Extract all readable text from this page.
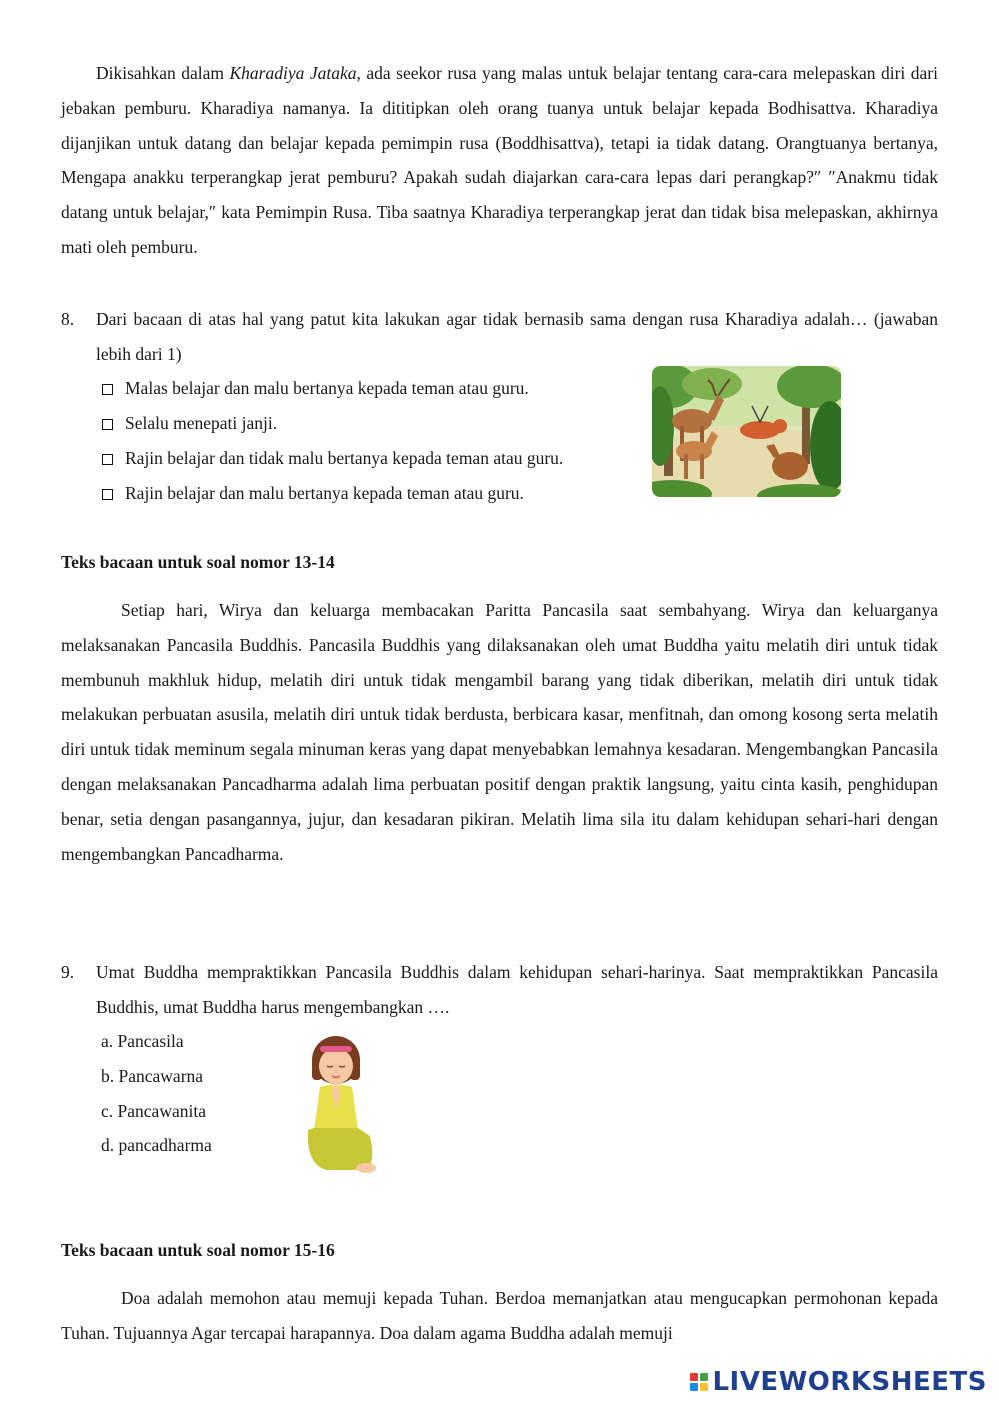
Dikisahkan dalam Kharadiya Jataka, ada seekor rusa yang malas untuk belajar tentang cara-cara melepaskan diri dari jebakan pemburu. Kharadiya namanya. Ia dititipkan oleh orang tuanya untuk belajar kepada Bodhisattva. Kharadiya dijanjikan untuk datang dan belajar kepada pemimpin rusa (Boddhisattva), tetapi ia tidak datang. Orangtuanya bertanya, Mengapa anakku terperangkap jerat pemburu? Apakah sudah diajarkan cara-cara lepas dari perangkap?″ ″Anakmu tidak datang untuk belajar,″ kata Pemimpin Rusa. Tiba saatnya Kharadiya terperangkap jerat dan tidak bisa melepaskan, akhirnya mati oleh pemburu.

8. Dari bacaan di atas hal yang patut kita lakukan agar tidak bernasib sama dengan rusa Kharadiya adalah… (jawaban lebih dari 1)
Malas belajar dan malu bertanya kepada teman atau guru.
Selalu menepati janji.
Rajin belajar dan tidak malu bertanya kepada teman atau guru.
Rajin belajar dan malu bertanya kepada teman atau guru.
Teks bacaan untuk soal nomor 13-14

Setiap hari, Wirya dan keluarga membacakan Paritta Pancasila saat sembahyang. Wirya dan keluarganya melaksanakan Pancasila Buddhis. Pancasila Buddhis yang dilaksanakan oleh umat Buddha yaitu melatih diri untuk tidak membunuh makhluk hidup, melatih diri untuk tidak mengambil barang yang tidak diberikan, melatih diri untuk tidak melakukan perbuatan asusila, melatih diri untuk tidak berdusta, berbicara kasar, menfitnah, dan omong kosong serta melatih diri untuk tidak meminum segala minuman keras yang dapat menyebabkan lemahnya kesadaran. Mengembangkan Pancasila dengan melaksanakan Pancadharma adalah lima perbuatan positif dengan praktik langsung, yaitu cinta kasih, penghidupan benar, setia dengan pasangannya, jujur, dan kesadaran pikiran. Melatih lima sila itu dalam kehidupan sehari-hari dengan mengembangkan Pancadharma.

9. Umat Buddha mempraktikkan Pancasila Buddhis dalam kehidupan sehari-harinya. Saat mempraktikkan Pancasila Buddhis, umat Buddha harus mengembangkan ….
a. Pancasila
b. Pancawarna
c. Pancawanita
d. pancadharma
Teks bacaan untuk soal nomor 15-16

Doa adalah memohon atau memuji kepada Tuhan. Berdoa memanjatkan atau mengucapkan permohonan kepada Tuhan. Tujuannya Agar tercapai harapannya. Doa dalam agama Buddha adalah memuji

LIVEWORKSHEETS
